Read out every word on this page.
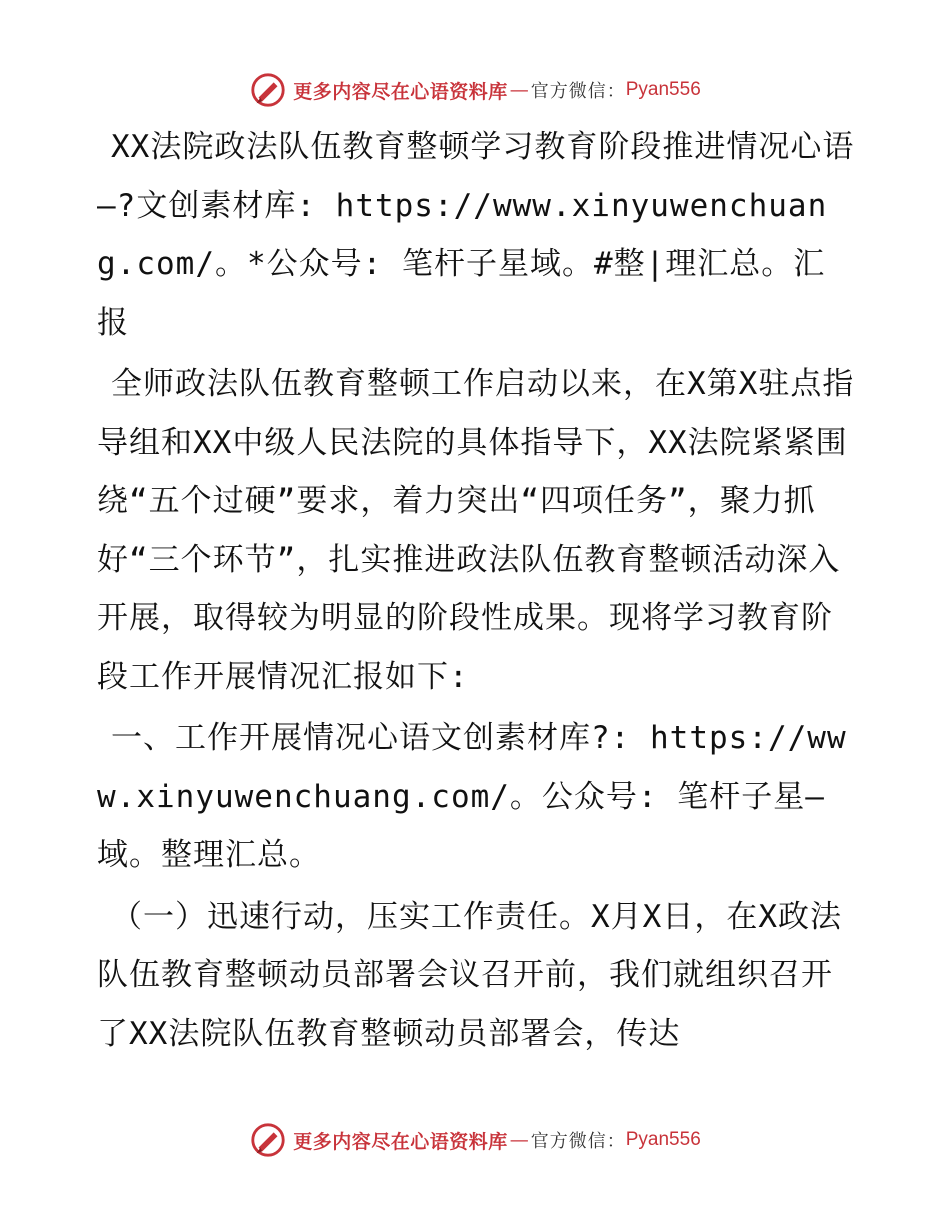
更多内容尽在心语资料库 — 官方微信： Pyan556

XX法院政法队伍教育整顿学习教育阶段推进情况心语—?文创素材库: https://www.xinyuwenchuang.com/。*公众号: 笔杆子星域。#整|理汇总。汇报

全师政法队伍教育整顿工作启动以来，在X第X驻点指导组和XX中级人民法院的具体指导下，XX法院紧紧围绕“五个过硬”要求，着力突出“四项任务”，聚力抓好“三个环节”，扎实推进政法队伍教育整顿活动深入开展，取得较为明显的阶段性成果。现将学习教育阶段工作开展情况汇报如下:

一、工作开展情况心语文创素材库?: https://www.xinyuwenchuang.com/。公众号: 笔杆子星—域。整理汇总。

（一）迅速行动，压实工作责任。X月X日，在X政法队伍教育整顿动员部署会议召开前，我们就组织召开了XX法院队伍教育整顿动员部署会，传达

更多内容尽在心语资料库 — 官方微信： Pyan556
